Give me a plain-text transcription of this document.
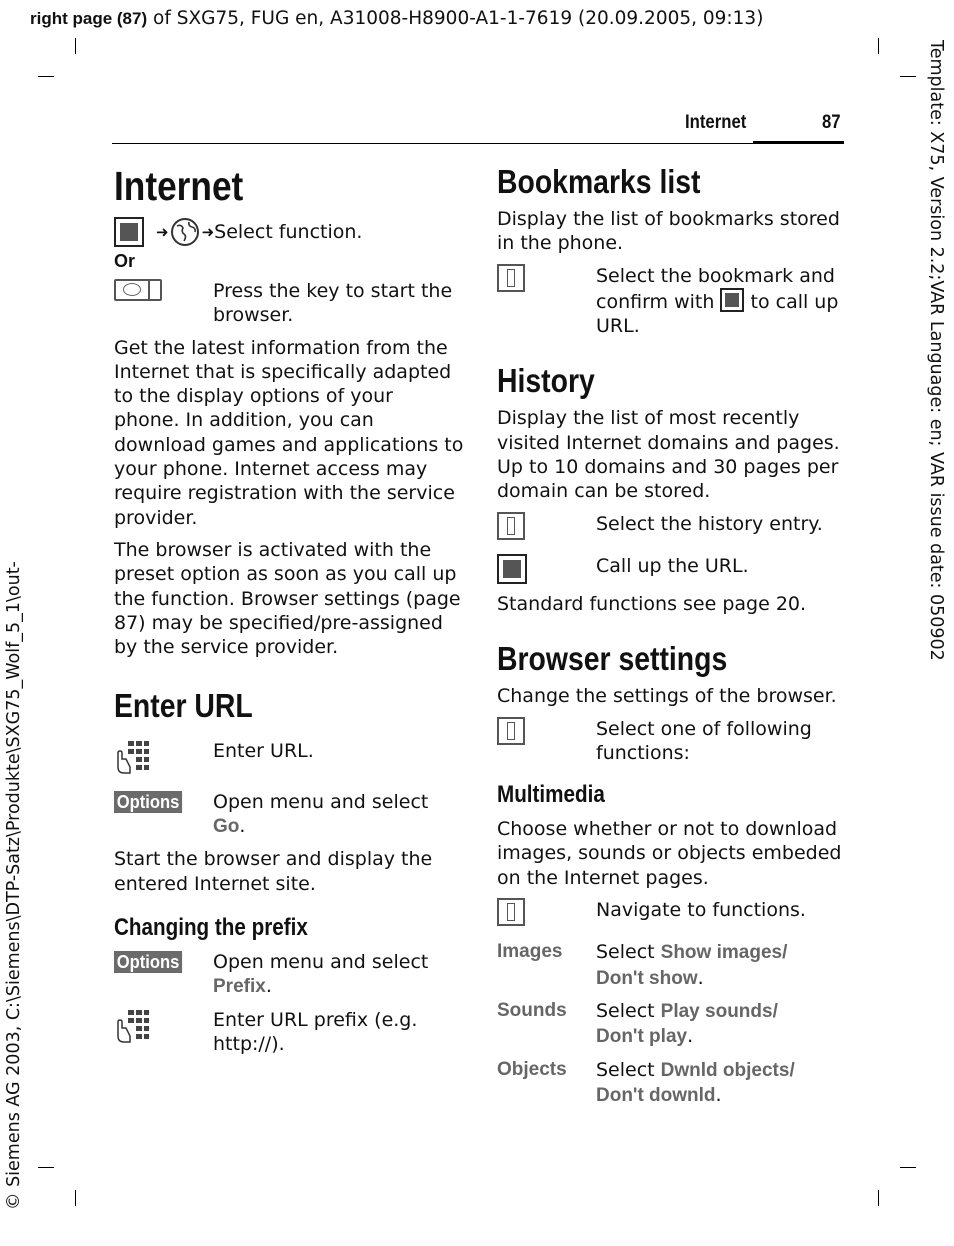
right page (87) of SXG75, FUG en, A31008-H8900-A1-1-7619 (20.09.2005, 09:13)
Template: X75, Version 2.2;VAR Language: en; VAR issue date: 050902
© Siemens AG 2003, C:\Siemens\DTP-Satz\Produkte\SXG75_Wolf_5_1\out-
Internet	87
Internet
➜ ➜ Select function.
Or
Press the key to start the browser.

Get the latest information from the Internet that is specifically adapted to the display options of your phone. In addition, you can download games and applications to your phone. Internet access may require registration with the service provider.

The browser is activated with the preset option as soon as you call up the function. Browser settings (page 87) may be specified/pre-assigned by the service provider.

Enter URL
Enter URL.
Options	Open menu and select Go.

Start the browser and display the entered Internet site.

Changing the prefix
Options	Open menu and select Prefix.
Enter URL prefix (e.g. http://).
Bookmarks list

Display the list of bookmarks stored in the phone.

Select the bookmark and confirm with  to call up URL.
History

Display the list of most recently visited Internet domains and pages. Up to 10 domains and 30 pages per domain can be stored.

Select the history entry.
Call up the URL.

Standard functions see page 20.

Browser settings

Change the settings of the browser.

Select one of following functions:
Multimedia

Choose whether or not to download images, sounds or objects embeded on the Internet pages.

Navigate to functions.
Images	Select Show images/
Don't show.
Sounds	Select Play sounds/
Don't play.
Objects	Select Dwnld objects/
Don't downld.
